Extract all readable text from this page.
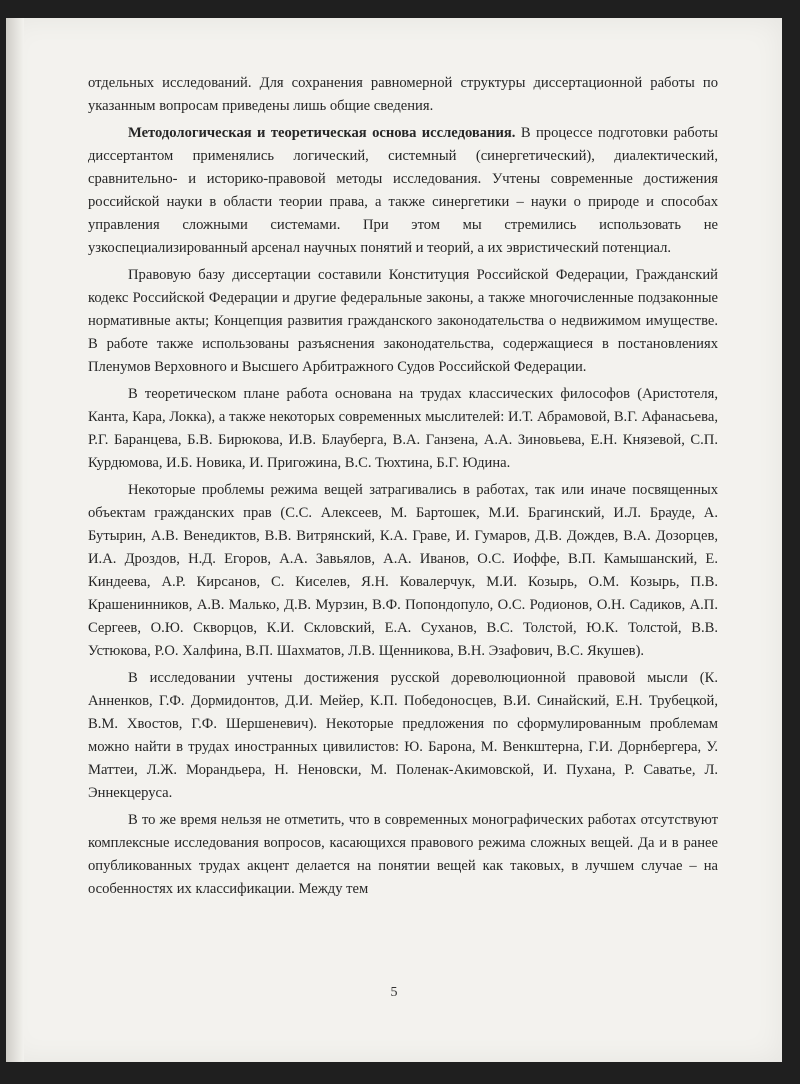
отдельных исследований. Для сохранения равномерной структуры диссертационной работы по указанным вопросам приведены лишь общие сведения.

Методологическая и теоретическая основа исследования. В процессе подготовки работы диссертантом применялись логический, системный (синергетический), диалектический, сравнительно- и историко-правовой методы исследования. Учтены современные достижения российской науки в области теории права, а также синергетики – науки о природе и способах управления сложными системами. При этом мы стремились использовать не узкоспециализированный арсенал научных понятий и теорий, а их эвристический потенциал.

Правовую базу диссертации составили Конституция Российской Федерации, Гражданский кодекс Российской Федерации и другие федеральные законы, а также многочисленные подзаконные нормативные акты; Концепция развития гражданского законодательства о недвижимом имуществе. В работе также использованы разъяснения законодательства, содержащиеся в постановлениях Пленумов Верховного и Высшего Арбитражного Судов Российской Федерации.

В теоретическом плане работа основана на трудах классических философов (Аристотеля, Канта, Кара, Локка), а также некоторых современных мыслителей: И.Т. Абрамовой, В.Г. Афанасьева, Р.Г. Баранцева, Б.В. Бирюкова, И.В. Блауберга, В.А. Ганзена, А.А. Зиновьева, Е.Н. Князевой, С.П. Курдюмова, И.Б. Новика, И. Пригожина, В.С. Тюхтина, Б.Г. Юдина.

Некоторые проблемы режима вещей затрагивались в работах, так или иначе посвященных объектам гражданских прав (С.С. Алексеев, М. Бартошек, М.И. Брагинский, И.Л. Брауде, А. Бутырин, А.В. Венедиктов, В.В. Витрянский, К.А. Граве, И. Гумаров, Д.В. Дождев, В.А. Дозорцев, И.А. Дроздов, Н.Д. Егоров, А.А. Завьялов, А.А. Иванов, О.С. Иоффе, В.П. Камышанский, Е. Киндеева, А.Р. Кирсанов, С. Киселев, Я.Н. Ковалерчук, М.И. Козырь, О.М. Козырь, П.В. Крашенинников, А.В. Малько, Д.В. Мурзин, В.Ф. Попондопуло, О.С. Родионов, О.Н. Садиков, А.П. Сергеев, О.Ю. Скворцов, К.И. Скловский, Е.А. Суханов, В.С. Толстой, Ю.К. Толстой, В.В. Устюкова, Р.О. Халфина, В.П. Шахматов, Л.В. Щенникова, В.Н. Эзафович, В.С. Якушев).

В исследовании учтены достижения русской дореволюционной правовой мысли (К. Анненков, Г.Ф. Дормидонтов, Д.И. Мейер, К.П. Победоносцев, В.И. Синайский, Е.Н. Трубецкой, В.М. Хвостов, Г.Ф. Шершеневич). Некоторые предложения по сформулированным проблемам можно найти в трудах иностранных цивилистов: Ю. Барона, М. Венкштерна, Г.И. Дорнбергера, У. Маттеи, Л.Ж. Морандьера, Н. Неновски, М. Поленак-Акимовской, И. Пухана, Р. Саватье, Л. Эннекцеруса.

В то же время нельзя не отметить, что в современных монографических работах отсутствуют комплексные исследования вопросов, касающихся правового режима сложных вещей. Да и в ранее опубликованных трудах акцент делается на понятии вещей как таковых, в лучшем случае – на особенностях их классификации. Между тем

5
